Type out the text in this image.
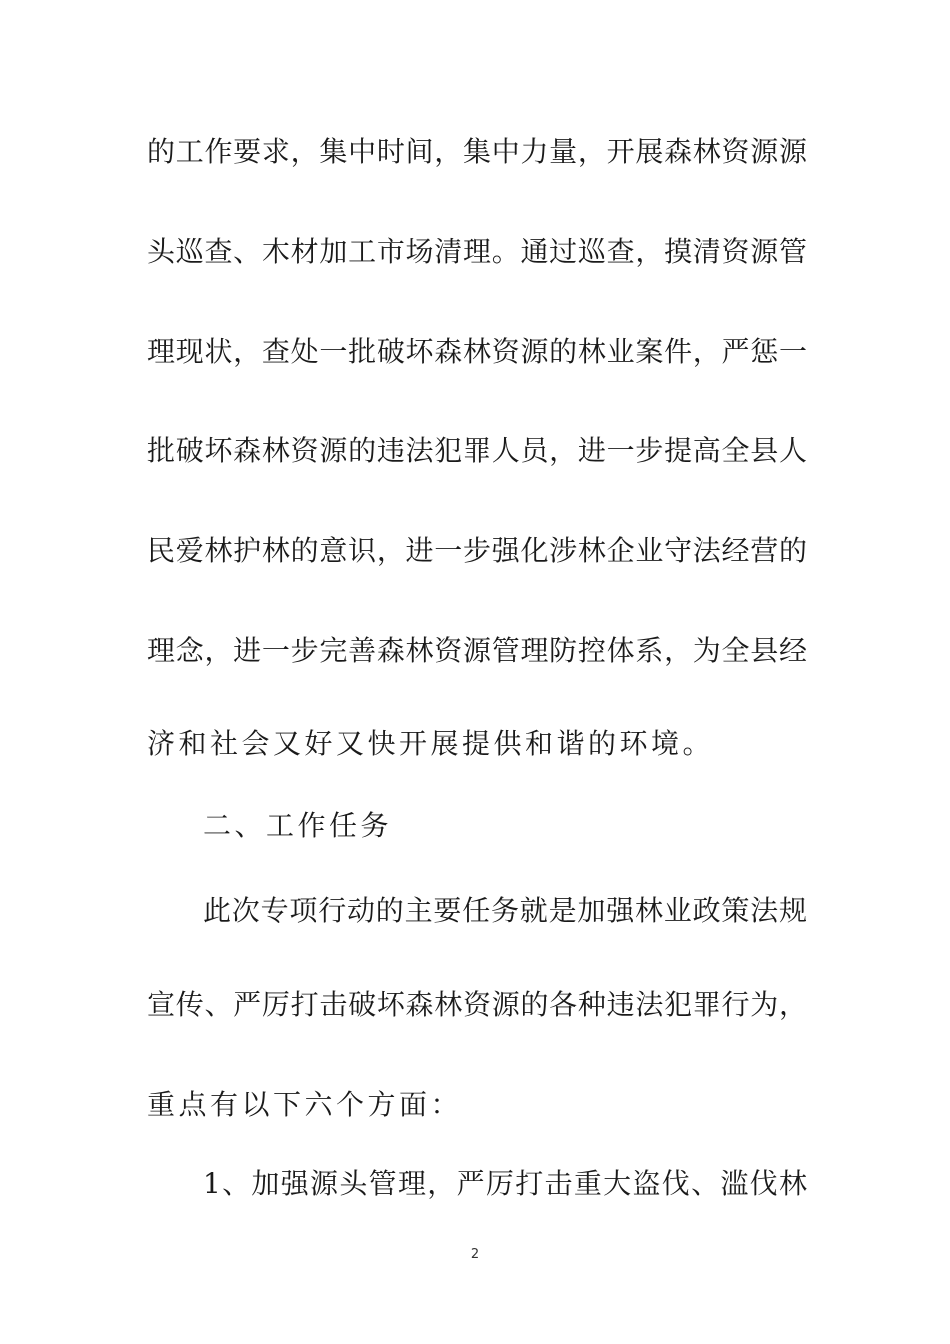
的工作要求，集中时间，集中力量，开展森林资源源
头巡查、木材加工市场清理。通过巡查，摸清资源管
理现状，查处一批破坏森林资源的林业案件，严惩一
批破坏森林资源的违法犯罪人员，进一步提高全县人
民爱林护林的意识，进一步强化涉林企业守法经营的
理念，进一步完善森林资源管理防控体系，为全县经
济和社会又好又快开展提供和谐的环境。
二、工作任务
此次专项行动的主要任务就是加强林业政策法规
宣传、严厉打击破坏森林资源的各种违法犯罪行为，
重点有以下六个方面：
1、加强源头管理，严厉打击重大盗伐、滥伐林
2
